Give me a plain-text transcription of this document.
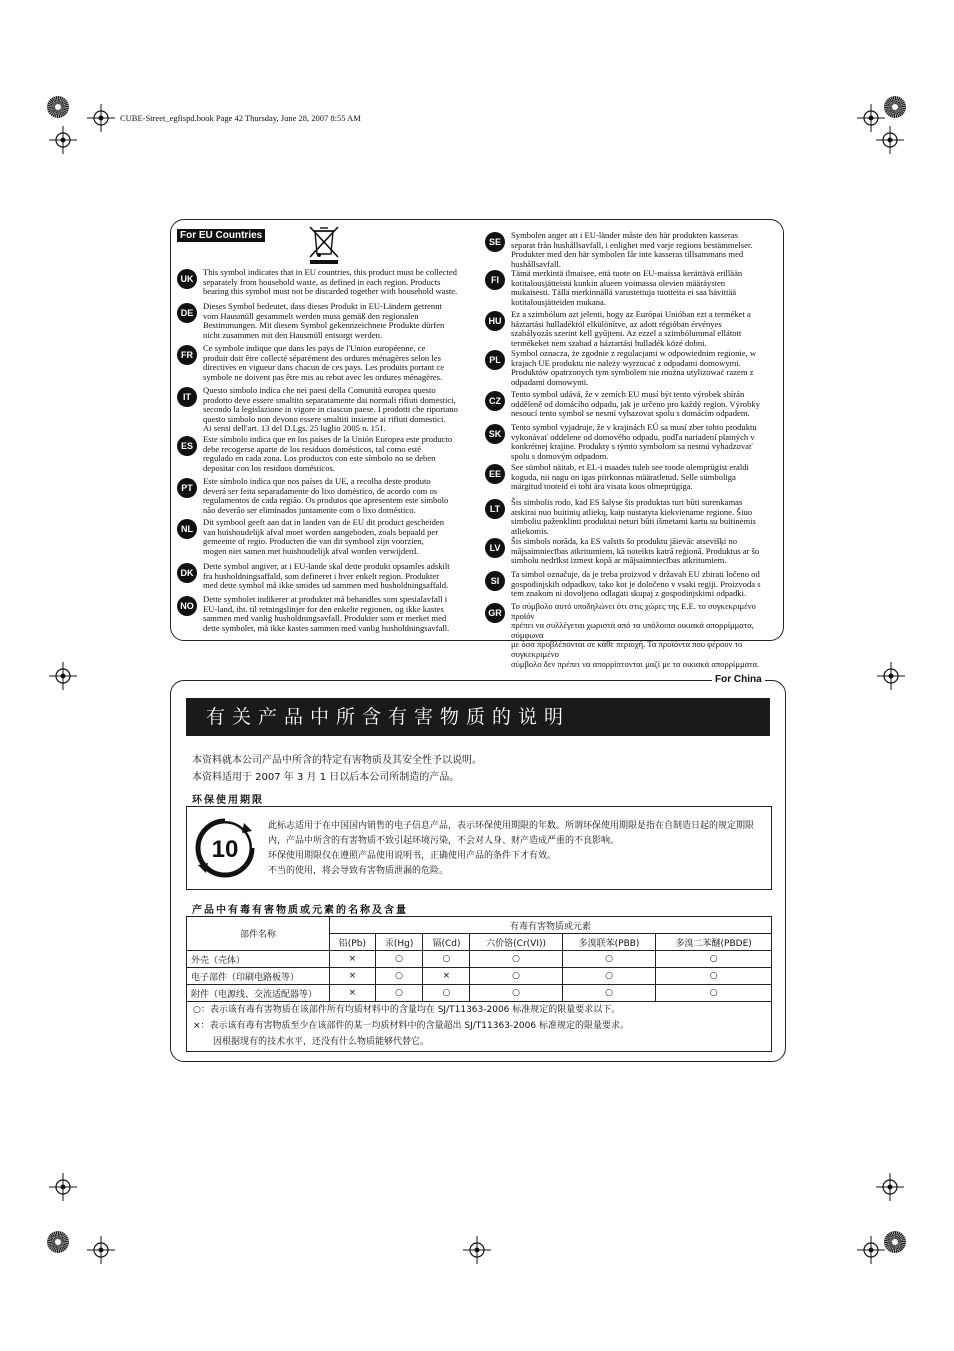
CUBE-Street_egfispd.book Page 42 Thursday, June 28, 2007 8:55 AM
For EU Countries
UK
This symbol indicates that in EU countries, this product must be collected
separately from household waste, as defined in each region. Products
bearing this symbol must not be discarded together with household waste.
DE
Dieses Symbol bedeutet, dass dieses Produkt in EU-Ländern getrennt
vom Hausmüll gesammelt werden muss gemäß den regionalen
Bestimmungen. Mit diesem Symbol gekennzeichnete Produkte dürfen
nicht zusammen mit den Hausmüll entsorgt werden.
FR
Ce symbole indique que dans les pays de l'Union européenne, ce
produit doit être collecté séparément des ordures ménagères selon les
directives en vigueur dans chacun de ces pays. Les produits portant ce
symbole ne doivent pas être mis au rebut avec les ordures ménagères.
IT
Questo simbolo indica che nei paesi della Comunità europea questo
prodotto deve essere smaltito separatamente dai normali rifiuti domestici,
secondo la legislazione in vigore in ciascun paese. I prodotti che riportano
questo simbolo non devono essere smaltiti insieme ai rifiuti domestici.
Ai sensi dell'art. 13 del D.Lgs. 25 luglio 2005 n. 151.
ES
Este símbolo indica que en los países de la Unión Europea este producto
debe recogerse aparte de los residuos domésticos, tal como esté
regulado en cada zona. Los productos con este símbolo no se deben
depositar con los residuos domésticos.
PT
Este símbolo indica que nos países da UE, a recolha deste produto
deverá ser feita separadamente do lixo doméstico, de acordo com os
regulamentos de cada região. Os produtos que apresentem este símbolo
não deverão ser eliminados juntamente com o lixo doméstico.
NL
Dit symbool geeft aan dat in landen van de EU dit product gescheiden
van huishoudelijk afval moet worden aangeboden, zoals bepaald per
gemeente of regio. Producten die van dit symbool zijn voorzien,
mogen niet samen met huishoudelijk afval worden verwijderd.
DK
Dette symbol angiver, at i EU-lande skal dette produkt opsamles adskilt
fra husholdningsaffald, som defineret i hver enkelt region. Produkter
med dette symbol må ikke smides ud sammen med husholdningsaffald.
NO
Dette symbolet indikerer at produktet må behandles som spesialavfall i
EU-land, iht. til retningslinjer for den enkelte regionen, og ikke kastes
sammen med vanlig husholdningsavfall. Produkter som er merket med
dette symbolet, må ikke kastes sammen med vanlig husholdningsavfall.
SE
Symbolen anger att i EU-länder måste den här produkten kasseras
separat från hushållsavfall, i enlighet med varje regions bestämmelser.
Produkter med den här symbolen får inte kasseras tillsammans med
hushållsavfall.
FI
Tämä merkintä ilmaisee, että tuote on EU-maissa kerättävä erillään
kotitalousjätteistä kunkin alueen voimassa olevien määräysten
mukaisesti. Tällä merkinnällä varustettuja tuotteita ei saa hävittää
kotitalousjätteiden mukana.
HU
Ez a szimbólum azt jelenti, hogy az Európai Unióban ezt a terméket a
háztartási hulladéktól elkülönítve, az adott régióban érvényes
szabályozás szerint kell gyűjteni. Az ezzel a szimbólummal ellátott
termékeket nem szabad a háztartási hulladék közé dobni.
PL
Symbol oznacza, że zgodnie z regulacjami w odpowiednim regionie, w
krajach UE produktu nie należy wyrzucać z odpadami domowymi.
Produktów opatrzonych tym symbolem nie można utylizować razem z
odpadami domowymi.
CZ
Tento symbol udává, že v zemích EU musí být tento výrobek sbírán
odděleně od domácího odpadu, jak je určeno pro každý region. Výrobky
nesoucí tento symbol se nesmí vyhazovat spolu s domácím odpadem.
SK
Tento symbol vyjadruje, že v krajinách EÚ sa musí zber tohto produktu
vykonávať oddelene od domového odpadu, podľa nariadení platných v
konkrétnej krajine. Produkty s týmto symbolom sa nesmú vyhadzovať
spolu s domovým odpadom.
EE
See sümbol näitab, et EL-i maades tuleb see toode olemprügist eraldi
koguda, nii nagu on igas piirkonnas määratletud. Selle sümboliga
märgitud tooteid ei tohi ära visata koos olmeprügiga.
LT
Šis simbolis rodo, kad ES šalyse šis produktas turi būti surenkamas
atskirai nuo buitinių atliekų, kaip nustatyta kiekviename regione. Šiuo
simboliu paženklinti produktai neturi būti išmetami kartu su buitinėmis
atliekomis.
LV
Šis simbols norāda, ka ES valstīs šo produktu jāievāc atsevišķi no
mājsaimniecības atkritumiem, kā noteikts katrā reģionā. Produktus ar šo
simbolu nedrīkst izmest kopā ar mājsaimniecības atkritumiem.
SI
Ta simbol označuje, da je treba proizvod v državah EU zbirati ločeno od
gospodinjskih odpadkov, tako kot je določeno v vsaki regiji. Proizvoda s
tem znakom ni dovoljeno odlagati skupaj z gospodinjskimi odpadki.
GR
Το σύμβολο αυτό υποδηλώνει ότι στις χώρες της Ε.Ε. το συγκεκριμένο προϊόν
πρέπει να συλλέγεται χωριστά από τα υπόλοιπα οικιακά απορρίμματα, σύμφωνα
με όσα προβλέπονται σε κάθε περιοχή. Τα προϊόντα που φέρουν το συγκεκριμένο
σύμβολο δεν πρέπει να απορρίπτονται μαζί με τα οικιακά απορρίμματα.
For China
有关产品中所含有害物质的说明
本资料就本公司产品中所含的特定有害物质及其安全性予以说明。
本资料适用于 2007 年 3 月 1 日以后本公司所制造的产品。
环保使用期限
10
此标志适用于在中国国内销售的电子信息产品，表示环保使用期限的年数。所谓环保使用期限是指在自制造日起的规定期限内，产品中所含的有害物质不致引起环境污染，不会对人身、财产造成严重的不良影响。
环保使用期限仅在遵照产品使用说明书，正确使用产品的条件下才有效。
不当的使用，将会导致有害物质泄漏的危险。
产品中有毒有害物质或元素的名称及含量
部件名称	有毒有害物质或元素					
	铅(Pb)	汞(Hg)	镉(Cd)	六价铬(Cr(VI))	多溴联苯(PBB)	多溴二苯醚(PBDE)
外壳（壳体）	×	○	○	○	○	○
电子部件（印刷电路板等）	×	○	×	○	○	○
附件（电源线、交流适配器等）	×	○	○	○	○	○
○：表示该有毒有害物质在该部件所有均质材料中的含量均在 SJ/T11363-2006 标准规定的限量要求以下。
×：表示该有毒有害物质至少在该部件的某一均质材料中的含量超出 SJ/T11363-2006 标准规定的限量要求。
因根据现有的技术水平，还没有什么物质能够代替它。
